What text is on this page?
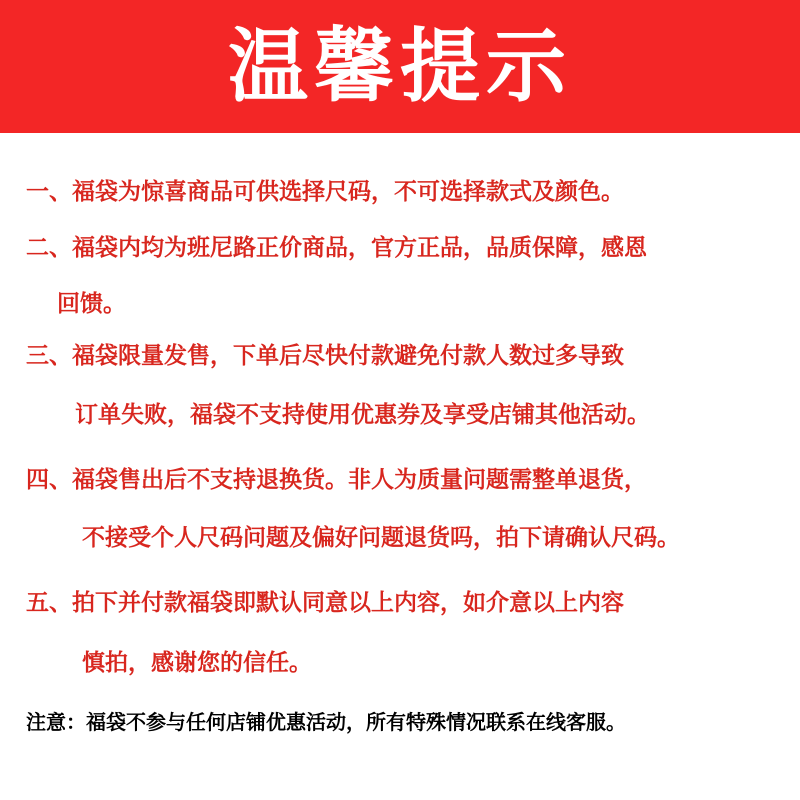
温馨提示
一、福袋为惊喜商品可供选择尺码，不可选择款式及颜色。
二、福袋内均为班尼路正价商品，官方正品，品质保障，感恩
回馈。
三、福袋限量发售，下单后尽快付款避免付款人数过多导致
订单失败，福袋不支持使用优惠券及享受店铺其他活动。
四、福袋售出后不支持退换货。非人为质量问题需整单退货，
不接受个人尺码问题及偏好问题退货吗，拍下请确认尺码。
五、拍下并付款福袋即默认同意以上内容，如介意以上内容
慎拍，感谢您的信任。
注意：福袋不参与任何店铺优惠活动，所有特殊情况联系在线客服。
